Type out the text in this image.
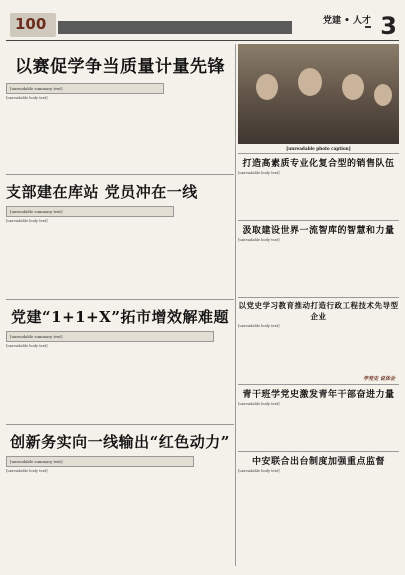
100	党建 • 人才 3
以赛促学争当质量计量先锋
[unreadable summary text]
[unreadable body text]
支部建在库站 党员冲在一线
[unreadable summary text]
[unreadable body text]
党建“1+1+X”拓市增效解难题
[unreadable summary text]
[unreadable body text]
创新务实向一线输出“红色动力”
[unreadable summary text]
[unreadable body text]
[unreadable photo caption]
打造高素质专业化复合型的销售队伍
[unreadable body text]
汲取建设世界一流智库的智慧和力量
[unreadable body text]
以党史学习教育推动打造行政工程技术先导型企业
[unreadable body text]
学党史 说体会
青干班学党史激发青年干部奋进力量
[unreadable body text]
中安联合出台制度加强重点监督
[unreadable body text]
